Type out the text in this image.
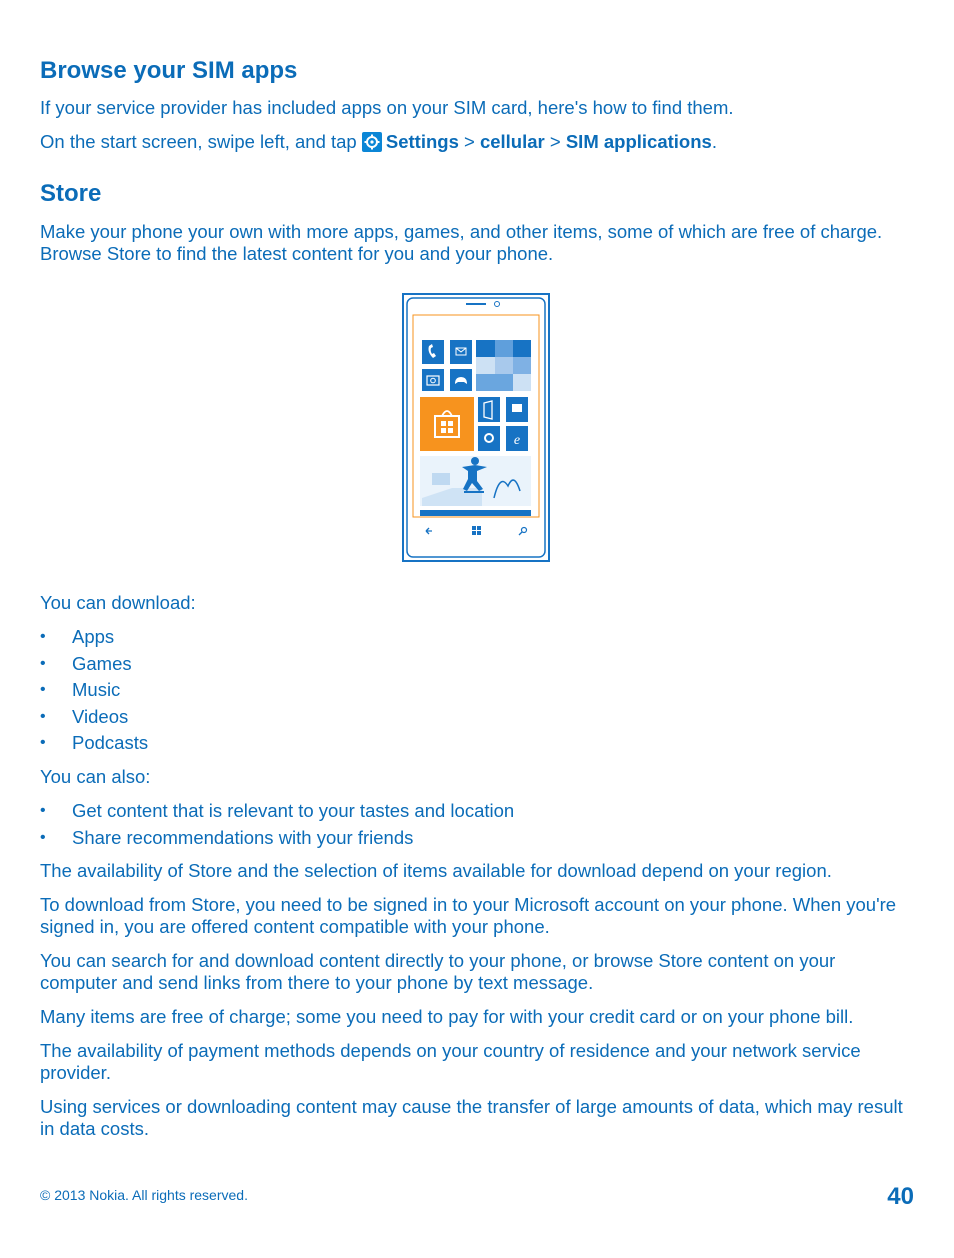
Browse your SIM apps

If your service provider has included apps on your SIM card, here's how to find them.

On the start screen, swipe left, and tap Settings > cellular > SIM applications.

Store

Make your phone your own with more apps, games, and other items, some of which are free of charge. Browse Store to find the latest content for you and your phone.

You can download:

• Apps
• Games
• Music
• Videos
• Podcasts

You can also:

• Get content that is relevant to your tastes and location
• Share recommendations with your friends

The availability of Store and the selection of items available for download depend on your region.

To download from Store, you need to be signed in to your Microsoft account on your phone. When you're signed in, you are offered content compatible with your phone.

You can search for and download content directly to your phone, or browse Store content on your computer and send links from there to your phone by text message.

Many items are free of charge; some you need to pay for with your credit card or on your phone bill.

The availability of payment methods depends on your country of residence and your network service provider.

Using services or downloading content may cause the transfer of large amounts of data, which may result in data costs.

e
© 2013 Nokia. All rights reserved.	40
